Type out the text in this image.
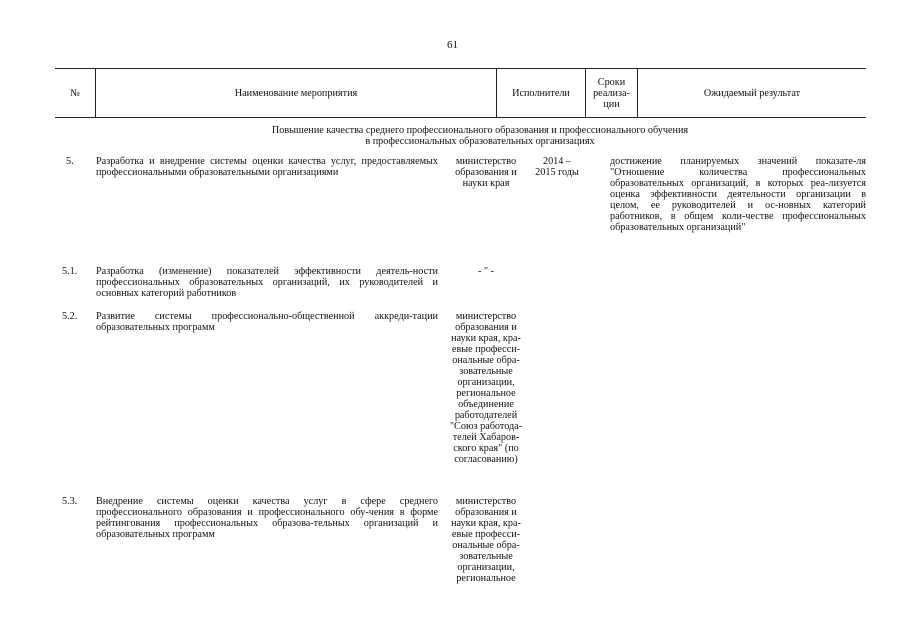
61
№	Наименование мероприятия	Исполнители
Сроки
реализа-
ции
Ожидаемый результат
Повышение качества среднего профессионального образования и профессионального обучения
в профессиональных образовательных организациях
5. Разработка и внедрение системы оценки качества услуг, предоставляемых профессиональными образовательными организациями
министерство
образования и
науки края
2014 –
2015 годы
достижение планируемых значений показате-ля "Отношение количества профессиональных образовательных организаций, в которых реа-лизуется оценка эффективности деятельности организации в целом, ее руководителей и ос-новных категорий работников, в общем коли-честве профессиональных образовательных организаций"
5.1. Разработка (изменение) показателей эффективности деятель-ности профессиональных образовательных организаций, их руководителей и основных категорий работников
- " -
5.2. Развитие системы профессионально-общественной аккреди-тации образовательных программ
министерство
образования и
науки края, кра-
евые професси-
ональные обра-
зовательные
организации,
региональное
объединение
работодателей
"Союз работода-
телей Хабаров-
ского края" (по
согласованию)
5.3. Внедрение системы оценки качества услуг в сфере среднего профессионального образования и профессионального обу-чения в форме рейтингования профессиональных образова-тельных организаций и образовательных программ
министерство
образования и
науки края, кра-
евые професси-
ональные обра-
зовательные
организации,
региональное
